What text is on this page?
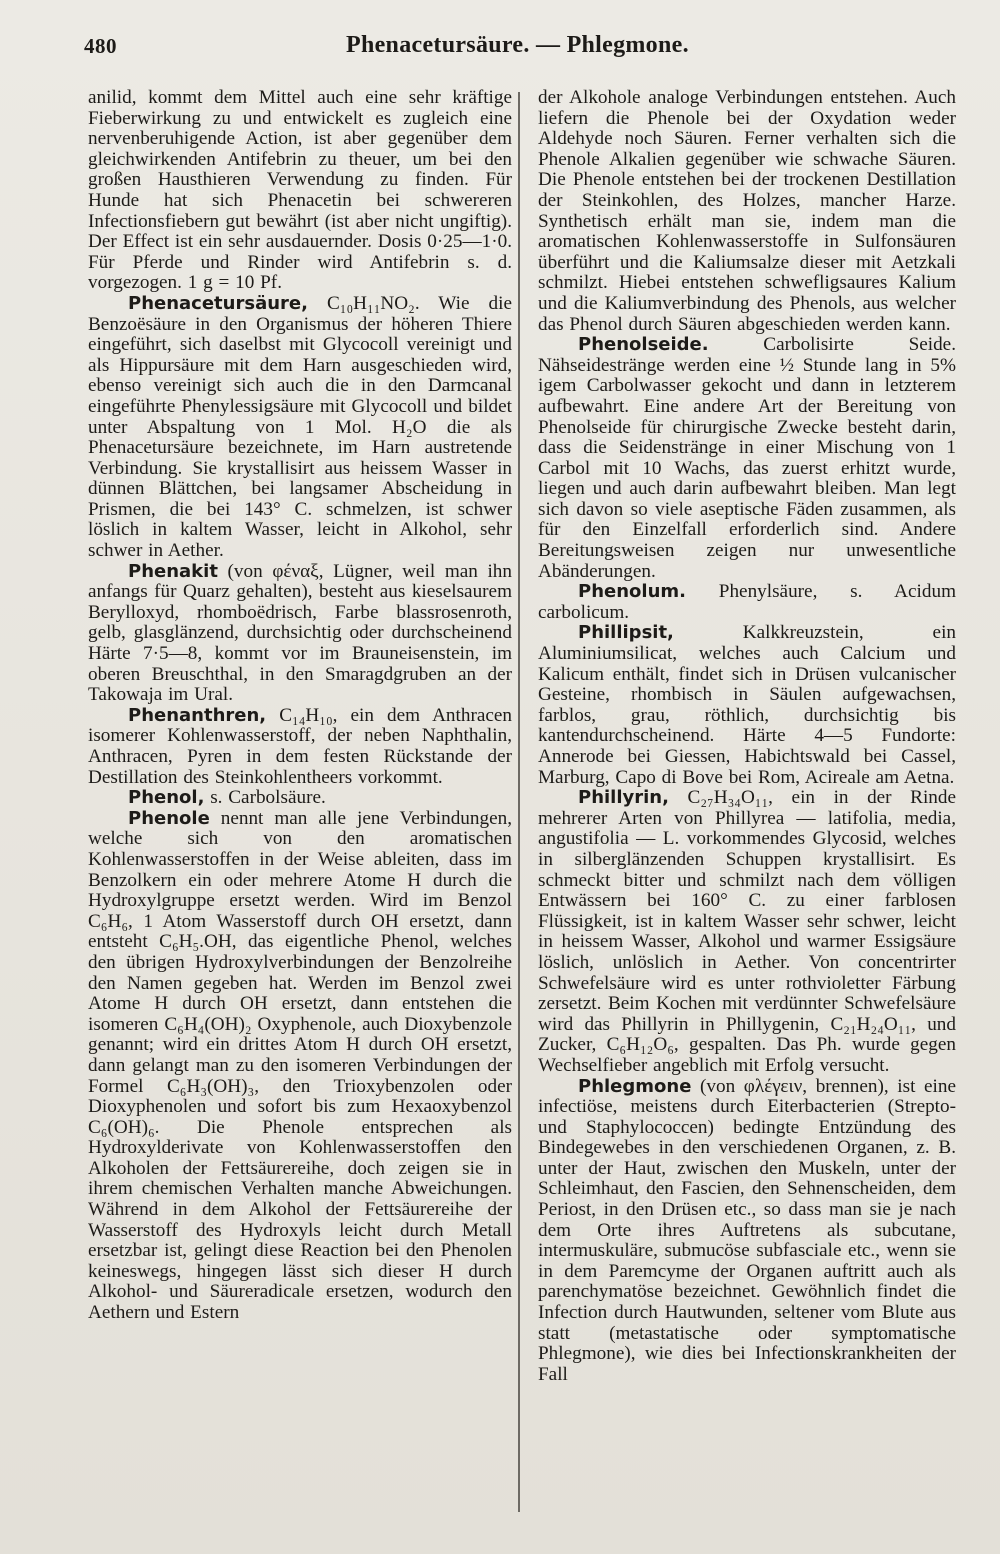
480	Phenacetursäure. — Phlegmone.

anilid, kommt dem Mittel auch eine sehr kräftige Fieberwirkung zu und entwickelt es zugleich eine nervenberuhigende Action, ist aber gegenüber dem gleichwirkenden Antifebrin zu theuer, um bei den großen Hausthieren Verwendung zu finden. Für Hunde hat sich Phenacetin bei schwereren Infectionsfiebern gut bewährt (ist aber nicht ungiftig). Der Effect ist ein sehr ausdauernder. Dosis 0·25—1·0. Für Pferde und Rinder wird Antifebrin s. d. vorgezogen. 1 g = 10 Pf.

Phenacetursäure, C₁₀H₁₁NO₂. Wie die Benzoësäure in den Organismus der höheren Thiere eingeführt, sich daselbst mit Glycocoll vereinigt und als Hippursäure mit dem Harn ausgeschieden wird, ebenso vereinigt sich auch die in den Darmcanal eingeführte Phenylessigsäure mit Glycocoll und bildet unter Abspaltung von 1 Mol. H₂O die als Phenacetursäure bezeichnete, im Harn austretende Verbindung. Sie krystallisirt aus heissem Wasser in dünnen Blättchen, bei langsamer Abscheidung in Prismen, die bei 143° C. schmelzen, ist schwer löslich in kaltem Wasser, leicht in Alkohol, sehr schwer in Aether.

Phenakit (von φέναξ, Lügner, weil man ihn anfangs für Quarz gehalten), besteht aus kieselsaurem Berylloxyd, rhomboëdrisch, Farbe blassrosenroth, gelb, glasglänzend, durchsichtig oder durchscheinend Härte 7·5—8, kommt vor im Brauneisenstein, im oberen Breuschthal, in den Smaragdgruben an der Takowaja im Ural.

Phenanthren, C₁₄H₁₀, ein dem Anthracen isomerer Kohlenwasserstoff, der neben Naphthalin, Anthracen, Pyren in dem festen Rückstande der Destillation des Steinkohlentheers vorkommt.

Phenol, s. Carbolsäure.

Phenole nennt man alle jene Verbindungen, welche sich von den aromatischen Kohlenwasserstoffen in der Weise ableiten, dass im Benzolkern ein oder mehrere Atome H durch die Hydroxylgruppe ersetzt werden. Wird im Benzol C₆H₆, 1 Atom Wasserstoff durch OH ersetzt, dann entsteht C₆H₅.OH, das eigentliche Phenol, welches den übrigen Hydroxylverbindungen der Benzolreihe den Namen gegeben hat. Werden im Benzol zwei Atome H durch OH ersetzt, dann entstehen die isomeren C₆H₄(OH)₂ Oxyphenole, auch Dioxybenzole genannt; wird ein drittes Atom H durch OH ersetzt, dann gelangt man zu den isomeren Verbindungen der Formel C₆H₃(OH)₃, den Trioxybenzolen oder Dioxyphenolen und sofort bis zum Hexaoxybenzol C₆(OH)₆. Die Phenole entsprechen als Hydroxylderivate von Kohlenwasserstoffen den Alkoholen der Fettsäurereihe, doch zeigen sie in ihrem chemischen Verhalten manche Abweichungen. Während in dem Alkohol der Fettsäurereihe der Wasserstoff des Hydroxyls leicht durch Metall ersetzbar ist, gelingt diese Reaction bei den Phenolen keineswegs, hingegen lässt sich dieser H durch Alkohol- und Säureradicale ersetzen, wodurch den Aethern und Estern

der Alkohole analoge Verbindungen entstehen. Auch liefern die Phenole bei der Oxydation weder Aldehyde noch Säuren. Ferner verhalten sich die Phenole Alkalien gegenüber wie schwache Säuren. Die Phenole entstehen bei der trockenen Destillation der Steinkohlen, des Holzes, mancher Harze. Synthetisch erhält man sie, indem man die aromatischen Kohlenwasserstoffe in Sulfonsäuren überführt und die Kaliumsalze dieser mit Aetzkali schmilzt. Hiebei entstehen schwefligsaures Kalium und die Kaliumverbindung des Phenols, aus welcher das Phenol durch Säuren abgeschieden werden kann.

Phenolseide. Carbolisirte Seide. Nähseidestränge werden eine ½ Stunde lang in 5% igem Carbolwasser gekocht und dann in letzterem aufbewahrt. Eine andere Art der Bereitung von Phenolseide für chirurgische Zwecke besteht darin, dass die Seidenstränge in einer Mischung von 1 Carbol mit 10 Wachs, das zuerst erhitzt wurde, liegen und auch darin aufbewahrt bleiben. Man legt sich davon so viele aseptische Fäden zusammen, als für den Einzelfall erforderlich sind. Andere Bereitungsweisen zeigen nur unwesentliche Abänderungen.

Phenolum. Phenylsäure, s. Acidum carbolicum.

Phillipsit, Kalkkreuzstein, ein Aluminiumsilicat, welches auch Calcium und Kalicum enthält, findet sich in Drüsen vulcanischer Gesteine, rhombisch in Säulen aufgewachsen, farblos, grau, röthlich, durchsichtig bis kantendurchscheinend. Härte 4—5 Fundorte: Annerode bei Giessen, Habichtswald bei Cassel, Marburg, Capo di Bove bei Rom, Acireale am Aetna.

Phillyrin, C₂₇H₃₄O₁₁, ein in der Rinde mehrerer Arten von Phillyrea — latifolia, media, angustifolia — L. vorkommendes Glycosid, welches in silberglänzenden Schuppen krystallisirt. Es schmeckt bitter und schmilzt nach dem völligen Entwässern bei 160° C. zu einer farblosen Flüssigkeit, ist in kaltem Wasser sehr schwer, leicht in heissem Wasser, Alkohol und warmer Essigsäure löslich, unlöslich in Aether. Von concentrirter Schwefelsäure wird es unter rothvioletter Färbung zersetzt. Beim Kochen mit verdünnter Schwefelsäure wird das Phillyrin in Phillygenin, C₂₁H₂₄O₁₁, und Zucker, C₆H₁₂O₆, gespalten. Das Ph. wurde gegen Wechselfieber angeblich mit Erfolg versucht.

Phlegmone (von φλέγειν, brennen), ist eine infectiöse, meistens durch Eiterbacterien (Strepto- und Staphylococcen) bedingte Entzündung des Bindegewebes in den verschiedenen Organen, z. B. unter der Haut, zwischen den Muskeln, unter der Schleimhaut, den Fascien, den Sehnenscheiden, dem Periost, in den Drüsen etc., so dass man sie je nach dem Orte ihres Auftretens als subcutane, intermuskuläre, submucöse subfasciale etc., wenn sie in dem Paremcyme der Organen auftritt auch als parenchymatöse bezeichnet. Gewöhnlich findet die Infection durch Hautwunden, seltener vom Blute aus statt (metastatische oder symptomatische Phlegmone), wie dies bei Infectionskrankheiten der Fall
